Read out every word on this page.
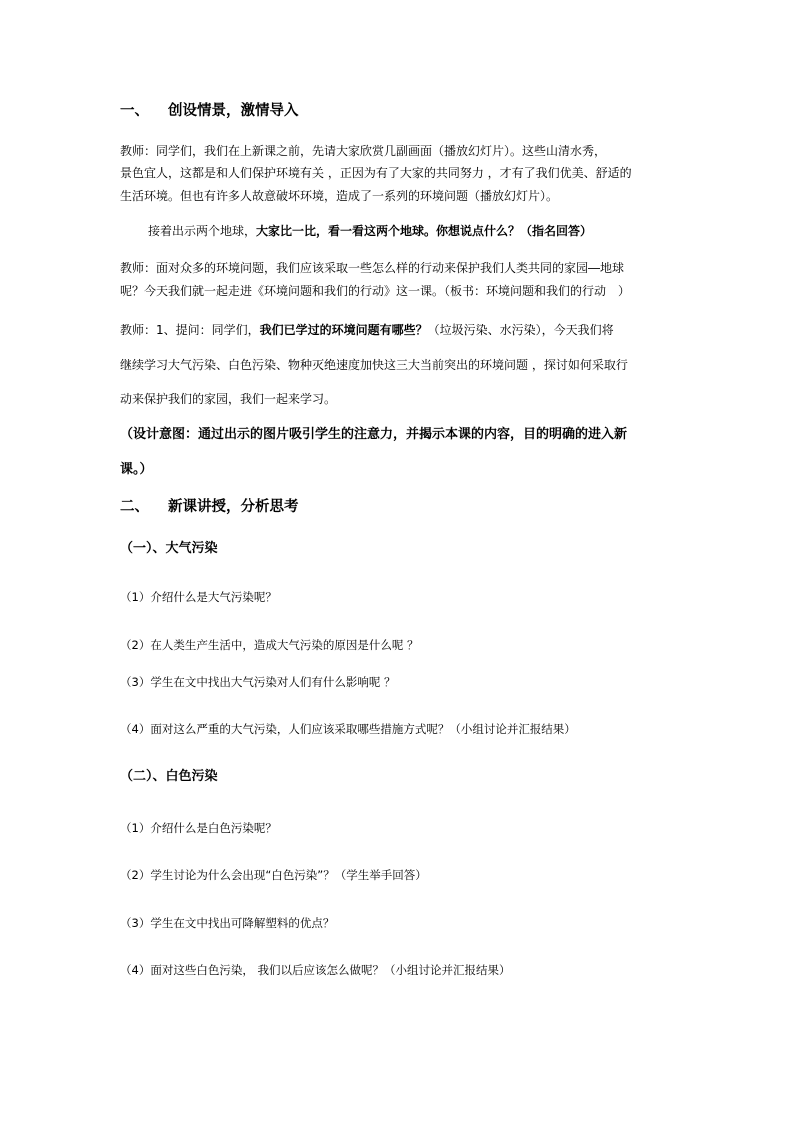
一、 创设情景，激情导入
教师：同学们，我们在上新课之前，先请大家欣赏几副画面（播放幻灯片）。这些山清水秀，
景色宜人，这都是和人们保护环境有关 ，正因为有了大家的共同努力 ，才有了我们优美、舒适的
生活环境。但也有许多人故意破坏环境，造成了一系列的环境问题（播放幻灯片）。
接着出示两个地球，大家比一比，看一看这两个地球。你想说点什么？（指名回答）
教师：面对众多的环境问题，我们应该采取一些怎么样的行动来保护我们人类共同的家园―地球
呢？今天我们就一起走进《环境问题和我们的行动》这一课。（板书：环境问题和我们的行动　）
教师：1、提问：同学们，我们已学过的环境问题有哪些？（垃圾污染、水污染），今天我们将
继续学习大气污染、白色污染、物种灭绝速度加快这三大当前突出的环境问题 ，探讨如何采取行
动来保护我们的家园，我们一起来学习。
（设计意图：通过出示的图片吸引学生的注意力，并揭示本课的内容，目的明确的进入新
课。）
二、 新课讲授，分析思考
（一）、大气污染
（1）介绍什么是大气污染呢？
（2）在人类生产生活中，造成大气污染的原因是什么呢 ？
（3）学生在文中找出大气污染对人们有什么影响呢 ？
（4）面对这么严重的大气污染，人们应该采取哪些措施方式呢？（小组讨论并汇报结果）
（二）、白色污染
（1）介绍什么是白色污染呢？
（2）学生讨论为什么会出现“白色污染”？（学生举手回答）
（3）学生在文中找出可降解塑料的优点？
（4）面对这些白色污染， 我们以后应该怎么做呢？（小组讨论并汇报结果）
